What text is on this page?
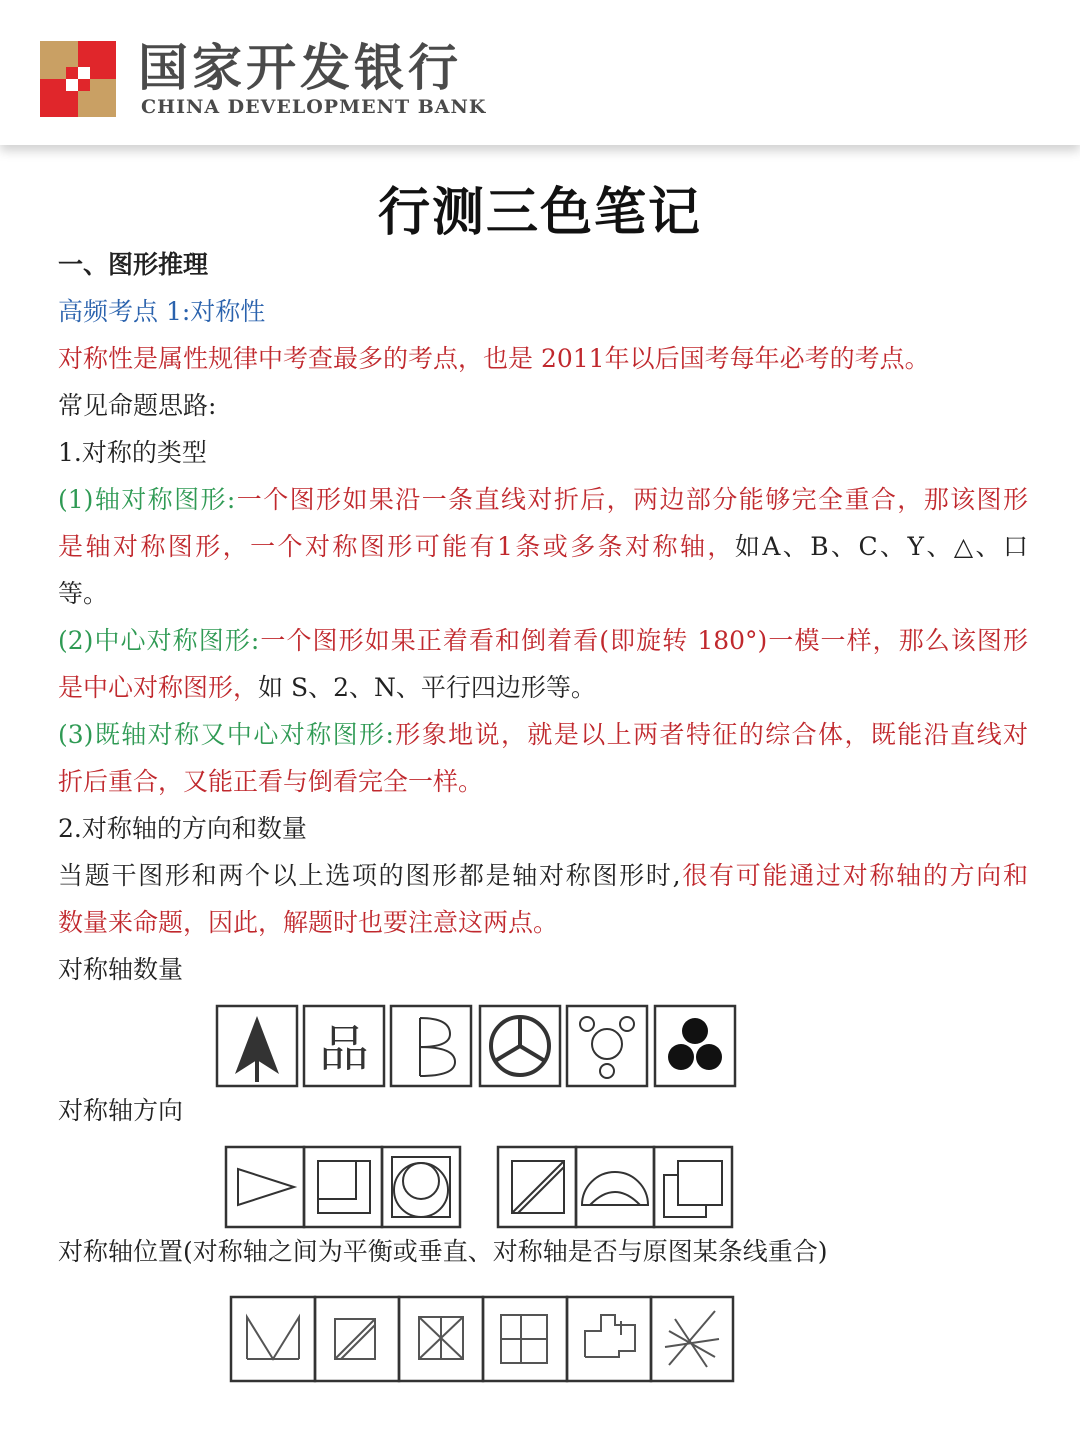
国家开发银行
CHINA DEVELOPMENT BANK
行测三色笔记
一、图形推理
高频考点 1:对称性
对称性是属性规律中考查最多的考点，也是 2011年以后国考每年必考的考点。
常见命题思路:
1.对称的类型
(1)轴对称图形:一个图形如果沿一条直线对折后，两边部分能够完全重合，那该图形
是轴对称图形，一个对称图形可能有1条或多条对称轴，如A、B、C、Y、△、口
等。
(2)中心对称图形:一个图形如果正着看和倒着看(即旋转 180°)一模一样，那么该图形
是中心对称图形，如 S、2、N、平行四边形等。
(3)既轴对称又中心对称图形:形象地说，就是以上两者特征的综合体，既能沿直线对
折后重合，又能正看与倒看完全一样。
2.对称轴的方向和数量
当题干图形和两个以上选项的图形都是轴对称图形时,很有可能通过对称轴的方向和
数量来命题，因此，解题时也要注意这两点。
对称轴数量
品
对称轴方向
对称轴位置(对称轴之间为平衡或垂直、对称轴是否与原图某条线重合)
